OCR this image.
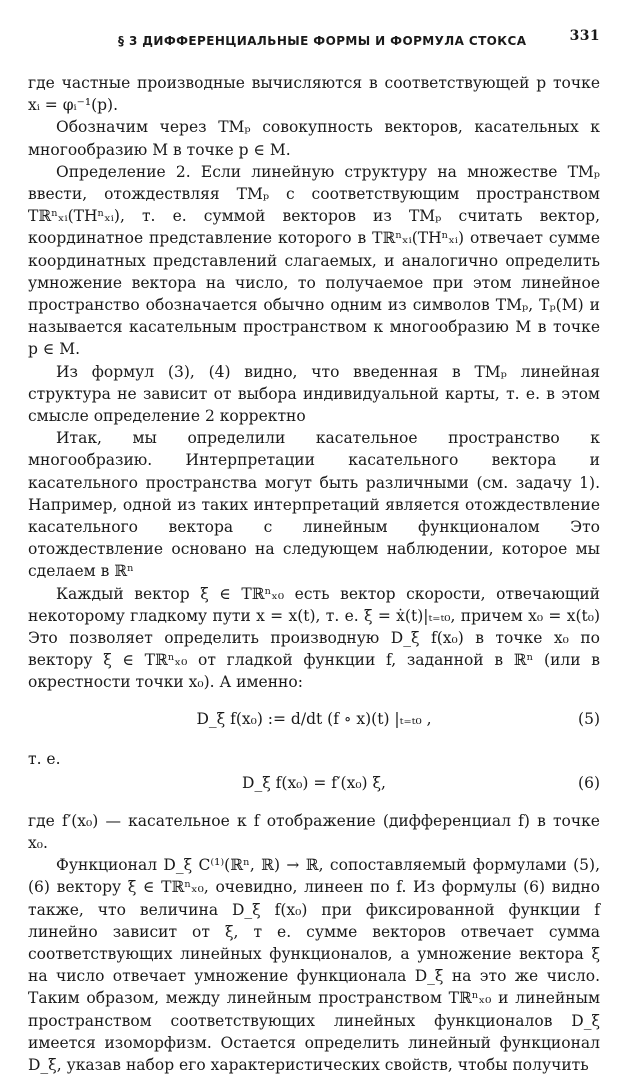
§ 3 ДИФФЕРЕНЦИАЛЬНЫЕ ФОРМЫ И ФОРМУЛА СТОКСА	331

где частные производные вычисляются в соответствующей p точке xᵢ = φᵢ⁻¹(p).

Обозначим через TMₚ совокупность векторов, касательных к многообразию M в точке p ∈ M.

Определение 2. Если линейную структуру на множестве TMₚ ввести, отождествляя TMₚ с соответствующим пространством Tℝⁿₓᵢ(THⁿₓᵢ), т. е. суммой векторов из TMₚ считать вектор, координатное представление которого в Tℝⁿₓᵢ(THⁿₓᵢ) отвечает сумме координатных представлений слагаемых, и аналогично определить умножение вектора на число, то получаемое при этом линейное пространство обозначается обычно одним из символов TMₚ, Tₚ(M) и называется касательным пространством к многообразию M в точке p ∈ M.

Из формул (3), (4) видно, что введенная в TMₚ линейная структура не зависит от выбора индивидуальной карты, т. е. в этом смысле определение 2 корректно

Итак, мы определили касательное пространство к многообразию. Интерпретации касательного вектора и касательного пространства могут быть различными (см. задачу 1). Например, одной из таких интерпретаций является отождествление касательного вектора с линейным функционалом Это отождествление основано на следующем наблюдении, которое мы сделаем в ℝⁿ

Каждый вектор ξ ∈ Tℝⁿₓ₀ есть вектор скорости, отвечающий некоторому гладкому пути x = x(t), т. е. ξ = ẋ(t)|ₜ₌ₜ₀, причем x₀ = x(t₀) Это позволяет определить производную D_ξ f(x₀) в точке x₀ по вектору ξ ∈ Tℝⁿₓ₀ от гладкой функции f, заданной в ℝⁿ (или в окрестности точки x₀). А именно:

D_ξ f(x₀) := d/dt (f ∘ x)(t) |ₜ₌ₜ₀ ,	(5)
т. е.
D_ξ f(x₀) = f′(x₀) ξ,	(6)

где f′(x₀) — касательное к f отображение (дифференциал f) в точке x₀.

Функционал D_ξ C⁽¹⁾(ℝⁿ, ℝ) → ℝ, сопоставляемый формулами (5), (6) вектору ξ ∈ Tℝⁿₓ₀, очевидно, линеен по f. Из формулы (6) видно также, что величина D_ξ f(x₀) при фиксированной функции f линейно зависит от ξ, т е. сумме векторов отвечает сумма соответствующих линейных функционалов, а умножение вектора ξ на число отвечает умножение функционала D_ξ на это же число. Таким образом, между линейным пространством Tℝⁿₓ₀ и линейным пространством соответствующих линейных функционалов D_ξ имеется изоморфизм. Остается определить линейный функционал D_ξ, указав набор его характеристических свойств, чтобы получить
